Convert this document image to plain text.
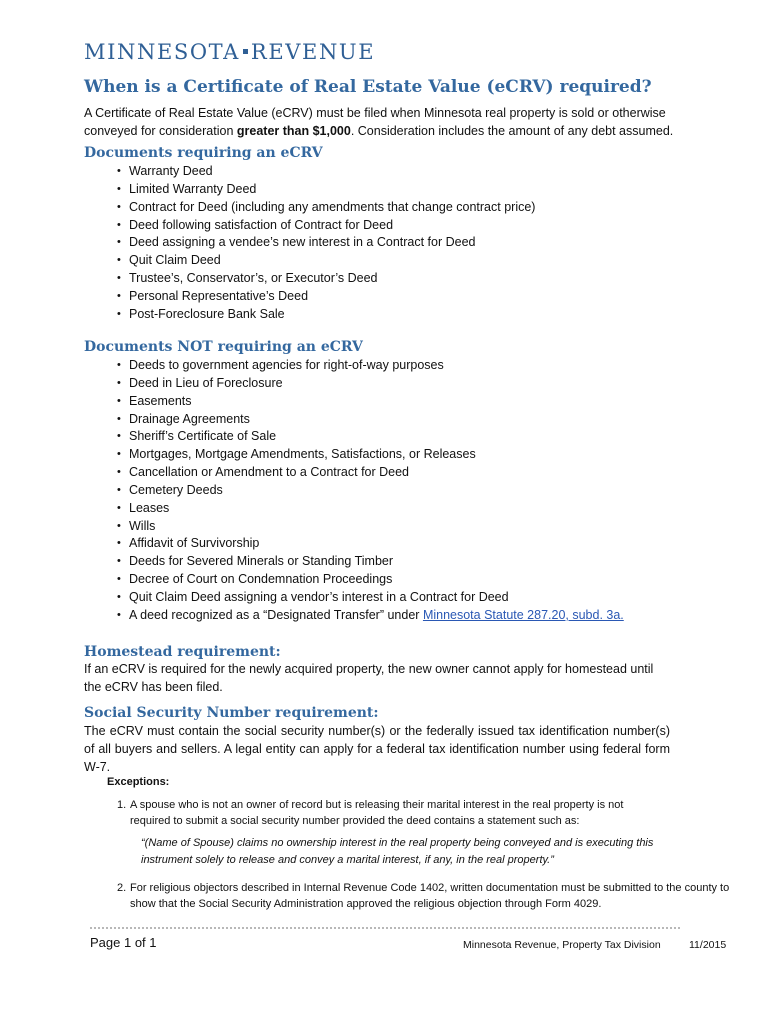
MINNESOTA REVENUE
When is a Certificate of Real Estate Value (eCRV) required?

A Certificate of Real Estate Value (eCRV) must be filed when Minnesota real property is sold or otherwise
conveyed for consideration greater than $1,000. Consideration includes the amount of any debt assumed.

Documents requiring an eCRV
• Warranty Deed
• Limited Warranty Deed
• Contract for Deed (including any amendments that change contract price)
• Deed following satisfaction of Contract for Deed
• Deed assigning a vendee’s new interest in a Contract for Deed
• Quit Claim Deed
• Trustee’s, Conservator’s, or Executor’s Deed
• Personal Representative’s Deed
• Post-Foreclosure Bank Sale
Documents NOT requiring an eCRV
• Deeds to government agencies for right-of-way purposes
• Deed in Lieu of Foreclosure
• Easements
• Drainage Agreements
• Sheriff’s Certificate of Sale
• Mortgages, Mortgage Amendments, Satisfactions, or Releases
• Cancellation or Amendment to a Contract for Deed
• Cemetery Deeds
• Leases
• Wills
• Affidavit of Survivorship
• Deeds for Severed Minerals or Standing Timber
• Decree of Court on Condemnation Proceedings
• Quit Claim Deed assigning a vendor’s interest in a Contract for Deed
• A deed recognized as a “Designated Transfer” under Minnesota Statute 287.20, subd. 3a.
Homestead requirement:

If an eCRV is required for the newly acquired property, the new owner cannot apply for homestead until
the eCRV has been filed.

Social Security Number requirement:

The eCRV must contain the social security number(s) or the federally issued tax identification number(s) of all buyers and sellers. A legal entity can apply for a federal tax identification number using federal form W-7.

Exceptions:

1. A spouse who is not an owner of record but is releasing their marital interest in the real property is not
required to submit a social security number provided the deed contains a statement such as:

“(Name of Spouse) claims no ownership interest in the real property being conveyed and is executing this
instrument solely to release and convey a marital interest, if any, in the real property.”

2. For religious objectors described in Internal Revenue Code 1402, written documentation must be submitted to the county to
show that the Social Security Administration approved the religious objection through Form 4029.
Page 1 of 1	Minnesota Revenue, Property Tax Division	11/2015
